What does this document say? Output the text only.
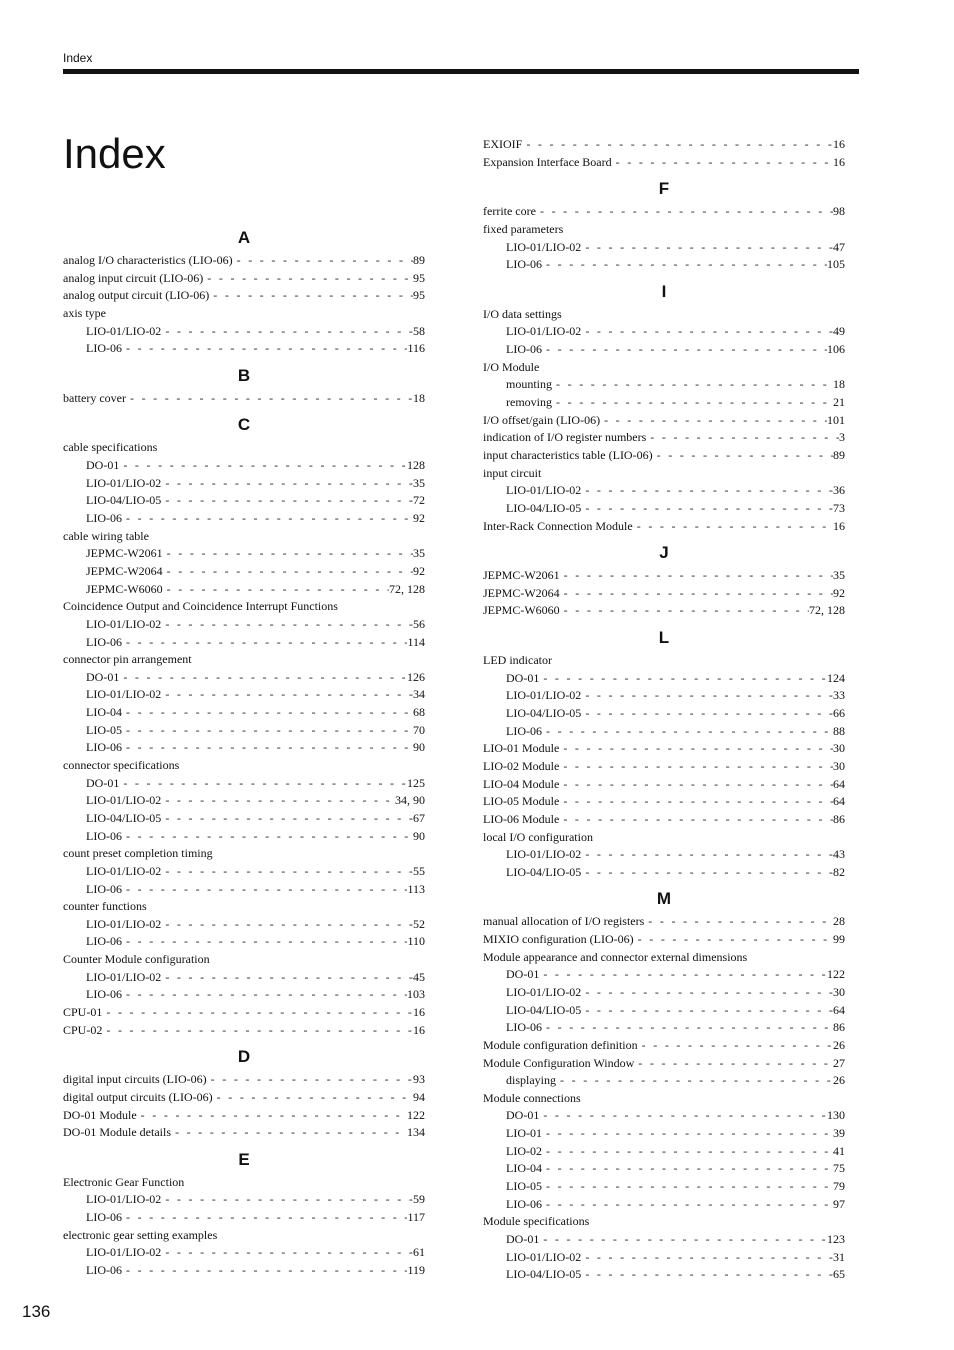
Index
Index
A
analog I/O characteristics (LIO-06) - - -	89
analog input circuit (LIO-06) - - -	95
analog output circuit (LIO-06) - - -	95
axis type
LIO-01/LIO-02 - - -	58
LIO-06 - - -	116
B
battery cover - - -	18
C
cable specifications
DO-01 - - -	128
LIO-01/LIO-02 - - -	35
LIO-04/LIO-05 - - -	72
LIO-06 - - -	92
cable wiring table
JEPMC-W2061 - - -	35
JEPMC-W2064 - - -	92
JEPMC-W6060 - - -	72, 128
Coincidence Output and Coincidence Interrupt Functions
LIO-01/LIO-02 - - -	56
LIO-06 - - -	114
connector pin arrangement
DO-01 - - -	126
LIO-01/LIO-02 - - -	34
LIO-04 - - -	68
LIO-05 - - -	70
LIO-06 - - -	90
connector specifications
DO-01 - - -	125
LIO-01/LIO-02 - - -	34, 90
LIO-04/LIO-05 - - -	67
LIO-06 - - -	90
count preset completion timing
LIO-01/LIO-02 - - -	55
LIO-06 - - -	113
counter functions
LIO-01/LIO-02 - - -	52
LIO-06 - - -	110
Counter Module configuration
LIO-01/LIO-02 - - -	45
LIO-06 - - -	103
CPU-01 - - -	16
CPU-02 - - -	16
D
digital input circuits (LIO-06) - - -	93
digital output circuits (LIO-06) - - -	94
DO-01 Module - - -	122
DO-01 Module details - - -	134
E
Electronic Gear Function
LIO-01/LIO-02 - - -	59
LIO-06 - - -	117
electronic gear setting examples
LIO-01/LIO-02 - - -	61
LIO-06 - - -	119
EXIOIF - - -	16
Expansion Interface Board - - -	16
F
ferrite core - - -	98
fixed parameters
LIO-01/LIO-02 - - -	47
LIO-06 - - -	105
I
I/O data settings
LIO-01/LIO-02 - - -	49
LIO-06 - - -	106
I/O Module
mounting - - -	18
removing - - -	21
I/O offset/gain (LIO-06) - - -	101
indication of I/O register numbers - - -	3
input characteristics table (LIO-06) - - -	89
input circuit
LIO-01/LIO-02 - - -	36
LIO-04/LIO-05 - - -	73
Inter-Rack Connection Module - - -	16
J
JEPMC-W2061 - - -	35
JEPMC-W2064 - - -	92
JEPMC-W6060 - - -	72, 128
L
LED indicator
DO-01 - - -	124
LIO-01/LIO-02 - - -	33
LIO-04/LIO-05 - - -	66
LIO-06 - - -	88
LIO-01 Module - - -	30
LIO-02 Module - - -	30
LIO-04 Module - - -	64
LIO-05 Module - - -	64
LIO-06 Module - - -	86
local I/O configuration
LIO-01/LIO-02 - - -	43
LIO-04/LIO-05 - - -	82
M
manual allocation of I/O registers - - -	28
MIXIO configuration (LIO-06) - - -	99
Module appearance and connector external dimensions
DO-01 - - -	122
LIO-01/LIO-02 - - -	30
LIO-04/LIO-05 - - -	64
LIO-06 - - -	86
Module configuration definition - - -	26
Module Configuration Window - - -	27
displaying - - -	26
Module connections
DO-01 - - -	130
LIO-01 - - -	39
LIO-02 - - -	41
LIO-04 - - -	75
LIO-05 - - -	79
LIO-06 - - -	97
Module specifications
DO-01 - - -	123
LIO-01/LIO-02 - - -	31
LIO-04/LIO-05 - - -	65
136
